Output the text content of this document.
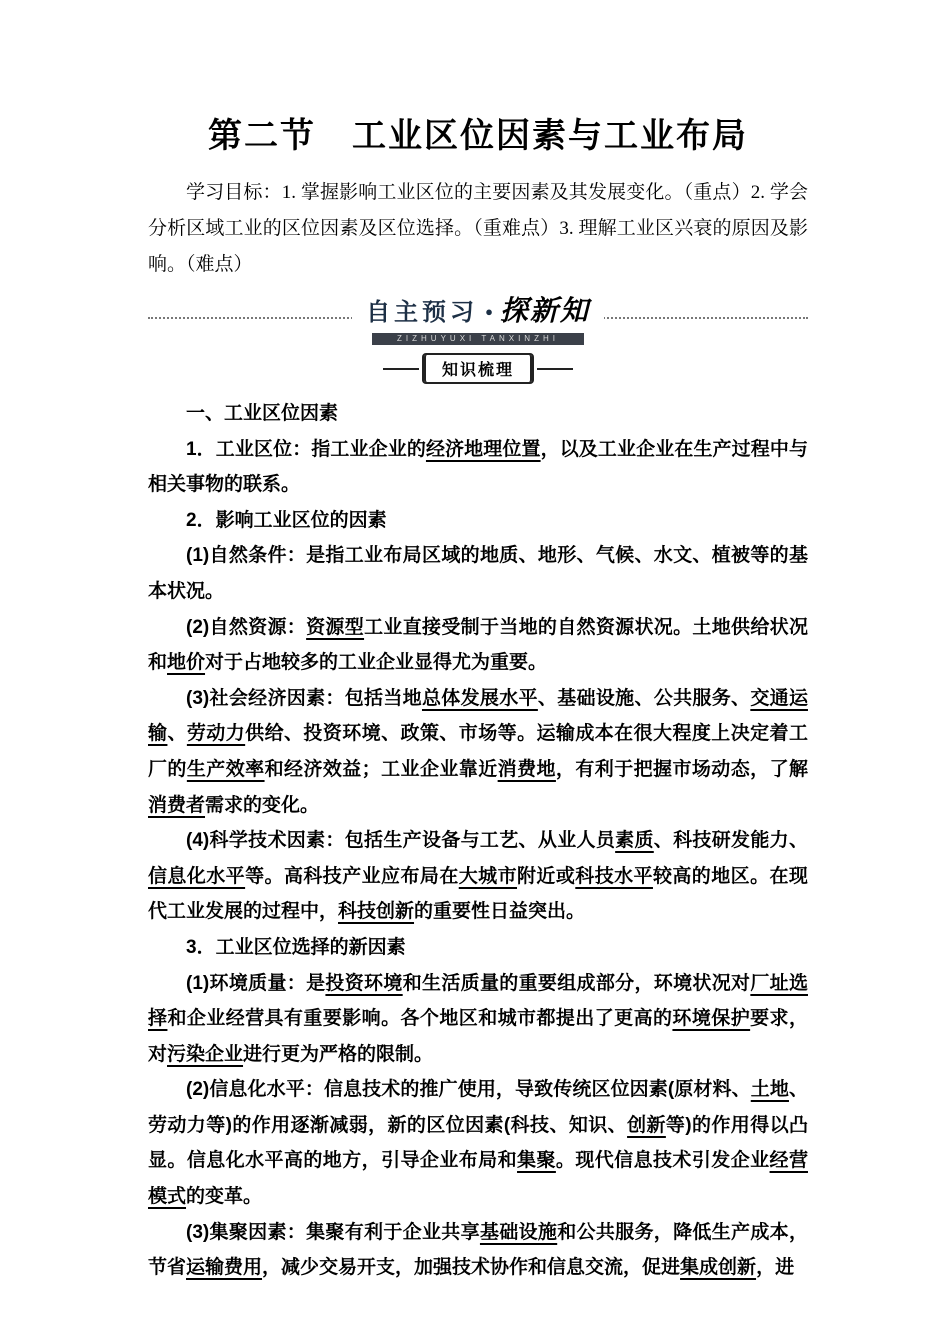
第二节　工业区位因素与工业布局

学习目标：1. 掌握影响工业区位的主要因素及其发展变化。（重点）2. 学会分析区域工业的区位因素及区位选择。（重难点）3. 理解工业区兴衰的原因及影响。（难点）

自主预习 ● 探新知
ZIZHUYUXI TANXINZHI
知识梳理

一、工业区位因素

1．工业区位：指工业企业的经济地理位置，以及工业企业在生产过程中与相关事物的联系。

2．影响工业区位的因素

(1)自然条件：是指工业布局区域的地质、地形、气候、水文、植被等的基本状况。

(2)自然资源：资源型工业直接受制于当地的自然资源状况。土地供给状况和地价对于占地较多的工业企业显得尤为重要。

(3)社会经济因素：包括当地总体发展水平、基础设施、公共服务、交通运输、劳动力供给、投资环境、政策、市场等。运输成本在很大程度上决定着工厂的生产效率和经济效益；工业企业靠近消费地，有利于把握市场动态，了解消费者需求的变化。

(4)科学技术因素：包括生产设备与工艺、从业人员素质、科技研发能力、信息化水平等。高科技产业应布局在大城市附近或科技水平较高的地区。在现代工业发展的过程中，科技创新的重要性日益突出。

3．工业区位选择的新因素

(1)环境质量：是投资环境和生活质量的重要组成部分，环境状况对厂址选择和企业经营具有重要影响。各个地区和城市都提出了更高的环境保护要求，对污染企业进行更为严格的限制。

(2)信息化水平：信息技术的推广使用，导致传统区位因素(原材料、土地、劳动力等)的作用逐渐减弱，新的区位因素(科技、知识、创新等)的作用得以凸显。信息化水平高的地方，引导企业布局和集聚。现代信息技术引发企业经营模式的变革。

(3)集聚因素：集聚有利于企业共享基础设施和公共服务，降低生产成本，节省运输费用，减少交易开支，加强技术协作和信息交流，促进集成创新，进
